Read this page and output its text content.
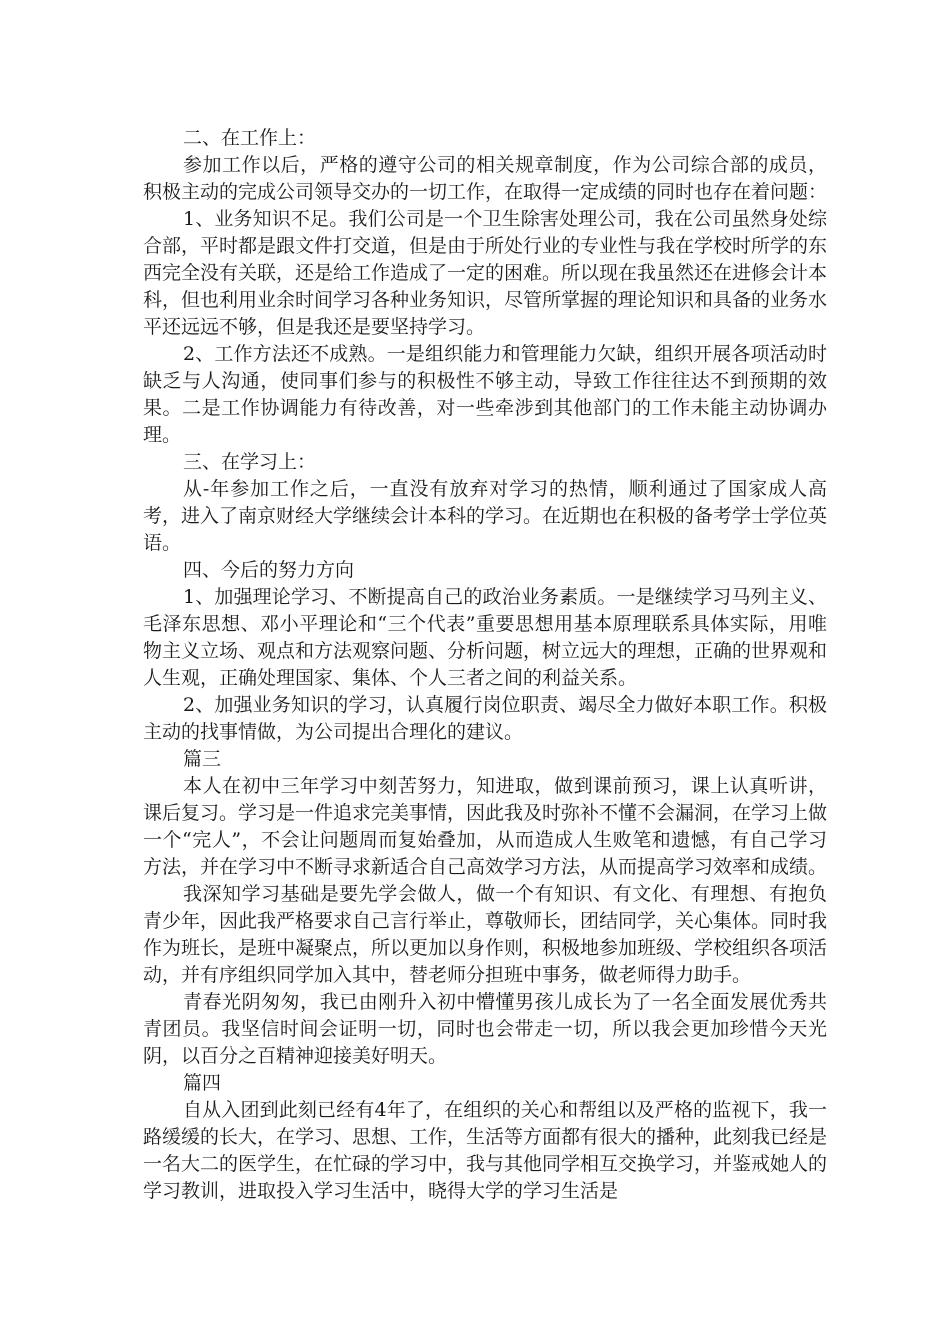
二、在工作上：

参加工作以后，严格的遵守公司的相关规章制度，作为公司综合部的成员，积极主动的完成公司领导交办的一切工作，在取得一定成绩的同时也存在着问题：

1、业务知识不足。我们公司是一个卫生除害处理公司，我在公司虽然身处综合部，平时都是跟文件打交道，但是由于所处行业的专业性与我在学校时所学的东西完全没有关联，还是给工作造成了一定的困难。所以现在我虽然还在进修会计本科，但也利用业余时间学习各种业务知识，尽管所掌握的理论知识和具备的业务水平还远远不够，但是我还是要坚持学习。

2、工作方法还不成熟。一是组织能力和管理能力欠缺，组织开展各项活动时缺乏与人沟通，使同事们参与的积极性不够主动，导致工作往往达不到预期的效果。二是工作协调能力有待改善，对一些牵涉到其他部门的工作未能主动协调办理。

三、在学习上：

从-年参加工作之后，一直没有放弃对学习的热情，顺利通过了国家成人高考，进入了南京财经大学继续会计本科的学习。在近期也在积极的备考学士学位英语。

四、今后的努力方向

1、加强理论学习、不断提高自己的政治业务素质。一是继续学习马列主义、毛泽东思想、邓小平理论和“三个代表”重要思想用基本原理联系具体实际，用唯物主义立场、观点和方法观察问题、分析问题，树立远大的理想，正确的世界观和人生观，正确处理国家、集体、个人三者之间的利益关系。

2、加强业务知识的学习，认真履行岗位职责、竭尽全力做好本职工作。积极主动的找事情做，为公司提出合理化的建议。

篇三

本人在初中三年学习中刻苦努力，知进取，做到课前预习，课上认真听讲，课后复习。学习是一件追求完美事情，因此我及时弥补不懂不会漏洞，在学习上做一个“完人”，不会让问题周而复始叠加，从而造成人生败笔和遗憾，有自己学习方法，并在学习中不断寻求新适合自己高效学习方法，从而提高学习效率和成绩。

我深知学习基础是要先学会做人，做一个有知识、有文化、有理想、有抱负青少年，因此我严格要求自己言行举止，尊敬师长，团结同学，关心集体。同时我作为班长，是班中凝聚点，所以更加以身作则，积极地参加班级、学校组织各项活动，并有序组织同学加入其中，替老师分担班中事务，做老师得力助手。

青春光阴匆匆，我已由刚升入初中懵懂男孩儿成长为了一名全面发展优秀共青团员。我坚信时间会证明一切，同时也会带走一切，所以我会更加珍惜今天光阴，以百分之百精神迎接美好明天。

篇四

自从入团到此刻已经有4年了，在组织的关心和帮组以及严格的监视下，我一路缓缓的长大，在学习、思想、工作，生活等方面都有很大的播种，此刻我已经是一名大二的医学生，在忙碌的学习中，我与其他同学相互交换学习，并鉴戒她人的学习教训，进取投入学习生活中，晓得大学的学习生活是
